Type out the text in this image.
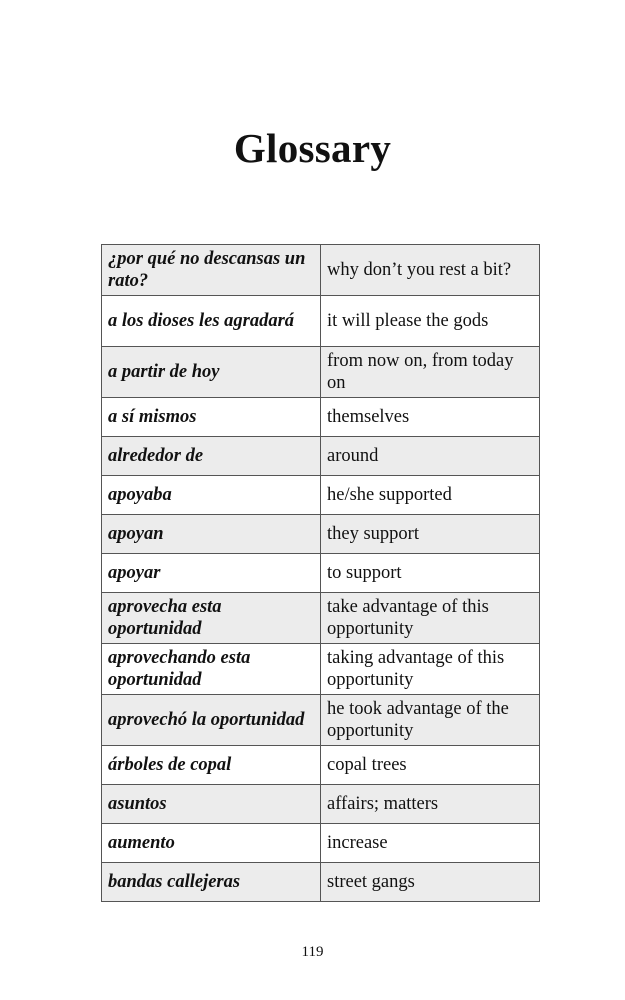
Glossary
¿por qué no descansas un rato?	why don’t you rest a bit?
a los dioses les agradará	it will please the gods
a partir de hoy	from now on, from today on
a sí mismos	themselves
alrededor de	around
apoyaba	he/she supported
apoyan	they support
apoyar	to support
aprovecha esta oportunidad	take advantage of this opportunity
aprovechando esta oportunidad	taking advantage of this opportunity
aprovechó la oportunidad	he took advantage of the opportunity
árboles de copal	copal trees
asuntos	affairs; matters
aumento	increase
bandas callejeras	street gangs
119
